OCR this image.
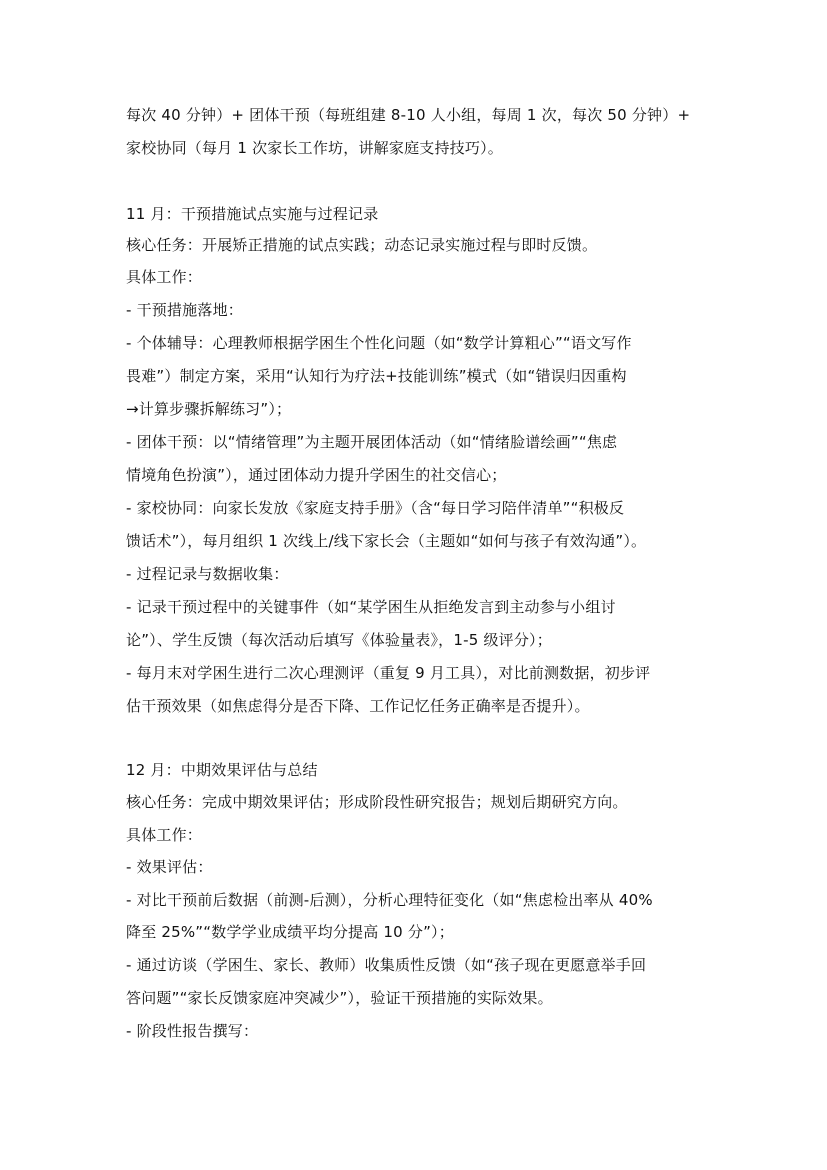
每次 40 分钟）+ 团体干预（每班组建 8-10 人小组，每周 1 次，每次 50 分钟）+
家校协同（每月 1 次家长工作坊，讲解家庭支持技巧）。
11 月：干预措施试点实施与过程记录
核心任务：开展矫正措施的试点实践；动态记录实施过程与即时反馈。
具体工作：
- 干预措施落地：
- 个体辅导：心理教师根据学困生个性化问题（如“数学计算粗心”“语文写作
畏难”）制定方案，采用“认知行为疗法+技能训练”模式（如“错误归因重构
→计算步骤拆解练习”）；
- 团体干预：以“情绪管理”为主题开展团体活动（如“情绪脸谱绘画”“焦虑
情境角色扮演”），通过团体动力提升学困生的社交信心；
- 家校协同：向家长发放《家庭支持手册》（含“每日学习陪伴清单”“积极反
馈话术”），每月组织 1 次线上/线下家长会（主题如“如何与孩子有效沟通”）。
- 过程记录与数据收集：
- 记录干预过程中的关键事件（如“某学困生从拒绝发言到主动参与小组讨
论”）、学生反馈（每次活动后填写《体验量表》，1-5 级评分）；
- 每月末对学困生进行二次心理测评（重复 9 月工具），对比前测数据，初步评
估干预效果（如焦虑得分是否下降、工作记忆任务正确率是否提升）。
12 月：中期效果评估与总结
核心任务：完成中期效果评估；形成阶段性研究报告；规划后期研究方向。
具体工作：
- 效果评估：
- 对比干预前后数据（前测-后测），分析心理特征变化（如“焦虑检出率从 40%
降至 25%”“数学学业成绩平均分提高 10 分”）；
- 通过访谈（学困生、家长、教师）收集质性反馈（如“孩子现在更愿意举手回
答问题”“家长反馈家庭冲突减少”），验证干预措施的实际效果。
- 阶段性报告撰写：
